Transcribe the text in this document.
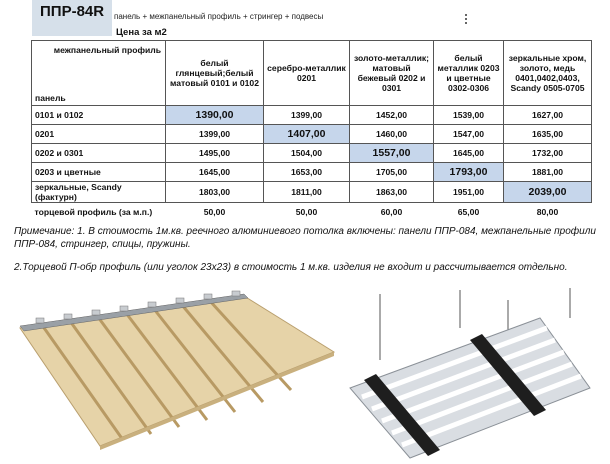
ППР-84R панель + межпанельный профиль + стрингер + подвесы
Цена за м2
межпанельный профиль
панель	белый глянцевый;белый матовый 0101 и 0102	серебро-металлик 0201	золото-металлик; матовый бежевый 0202 и 0301	белый металлик 0203 и цветные 0302-0306	зеркальные хром, золото, медь 0401,0402,0403, Scandy 0505-0705
0101 и 0102	1390,00	1399,00	1452,00	1539,00	1627,00
0201	1399,00	1407,00	1460,00	1547,00	1635,00
0202 и 0301	1495,00	1504,00	1557,00	1645,00	1732,00
0203 и цветные	1645,00	1653,00	1705,00	1793,00	1881,00
зеркальные, Scandy (фактурн)	1803,00	1811,00	1863,00	1951,00	2039,00
торцевой профиль (за м.п.)	50,00	50,00	60,00	65,00	80,00
Примечание: 1. В стоимость 1м.кв. реечного алюминиевого потолка включены: панели ППР-084, межпанельные профили ППР-084, стрингер, спицы, пружины.
2.Торцевой П-обр профиль (или уголок 23х23) в стоимость 1 м.кв. изделия не входит и рассчитывается отдельно.
